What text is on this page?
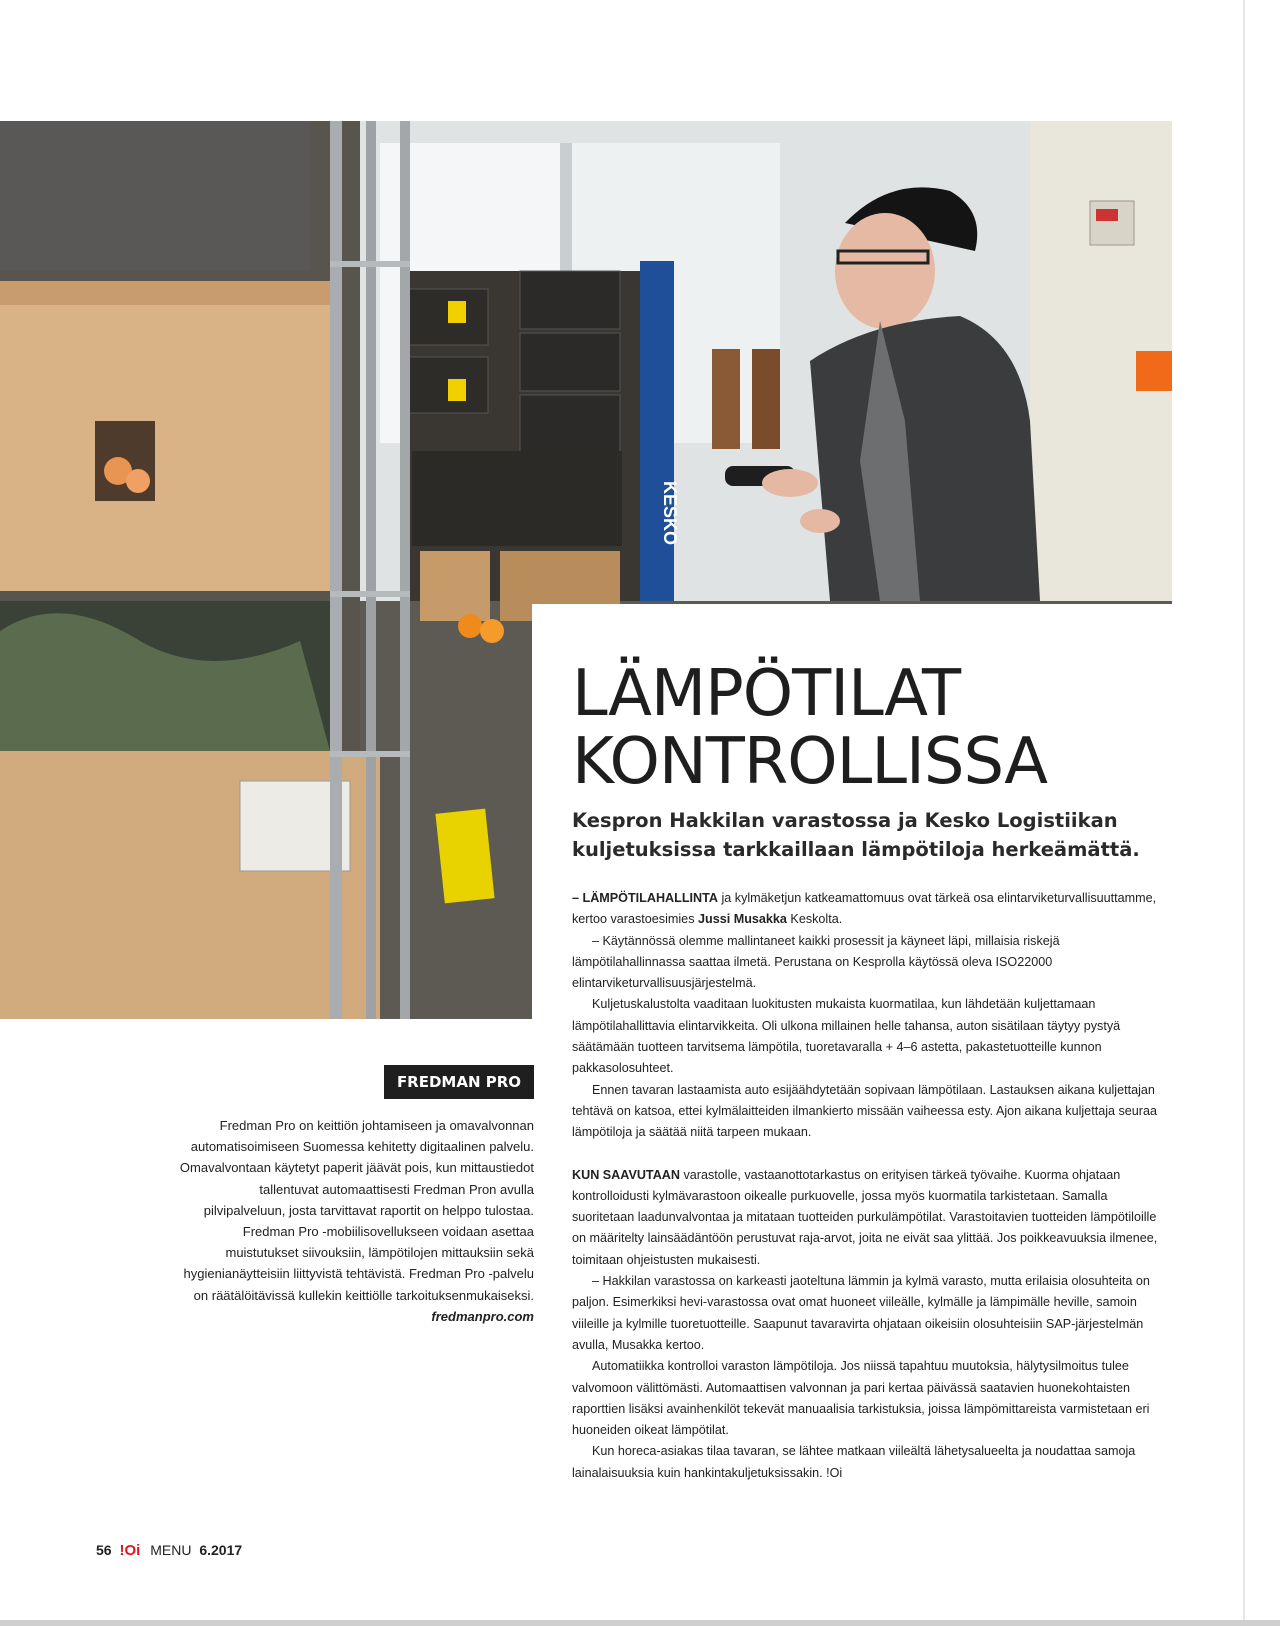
KESKO
Oulun Lapland Hotellin keittiömestari Janne Nevalainen mittaa lämpötilat myös vastaanottotarkastuksen yhteydessä.
LÄMPÖTILAT
KONTROLLISSA
Kespron Hakkilan varastossa ja Kesko Logistiikan kuljetuksissa tarkkaillaan lämpötiloja herkeämättä.

– LÄMPÖTILAHALLINTA ja kylmäketjun katkeamattomuus ovat tärkeä osa elintarviketurvallisuuttamme, kertoo varastoesimies Jussi Musakka Keskolta.

– Käytännössä olemme mallintaneet kaikki prosessit ja käyneet läpi, millaisia riskejä lämpötilahallinnassa saattaa ilmetä. Perustana on Kesprolla käytössä oleva ISO22000 elintarviketurvallisuusjärjestelmä.

Kuljetuskalustolta vaaditaan luokitusten mukaista kuormatilaa, kun lähdetään kuljettamaan lämpötilahallittavia elintarvikkeita. Oli ulkona millainen helle tahansa, auton sisätilaan täytyy pystyä säätämään tuotteen tarvitsema lämpötila, tuoretavaralla + 4–6 astetta, pakastetuotteille kunnon pakkasolosuhteet.

Ennen tavaran lastaamista auto esijäähdytetään sopivaan lämpötilaan. Lastauksen aikana kuljettajan tehtävä on katsoa, ettei kylmälaitteiden ilmankierto missään vaiheessa esty. Ajon aikana kuljettaja seuraa lämpötiloja ja säätää niitä tarpeen mukaan.

KUN SAAVUTAAN varastolle, vastaanottotarkastus on erityisen tärkeä työvaihe. Kuorma ohjataan kontrolloidusti kylmävarastoon oikealle purkuovelle, jossa myös kuormatila tarkistetaan. Samalla suoritetaan laadunvalvontaa ja mitataan tuotteiden purkulämpötilat. Varastoitavien tuotteiden lämpötiloille on määritelty lainsäädäntöön perustuvat raja-arvot, joita ne eivät saa ylittää. Jos poikkeavuuksia ilmenee, toimitaan ohjeistusten mukaisesti.

– Hakkilan varastossa on karkeasti jaoteltuna lämmin ja kylmä varasto, mutta erilaisia olosuhteita on paljon. Esimerkiksi hevi-varastossa ovat omat huoneet viileälle, kylmälle ja lämpimälle heville, samoin viileille ja kylmille tuoretuotteille. Saapunut tavaravirta ohjataan oikeisiin olosuhteisiin SAP-järjestelmän avulla, Musakka kertoo.

Automatiikka kontrolloi varaston lämpötiloja. Jos niissä tapahtuu muutoksia, hälytysilmoitus tulee valvomoon välittömästi. Automaattisen valvonnan ja pari kertaa päivässä saatavien huonekohtaisten raporttien lisäksi avainhenkilöt tekevät manuaalisia tarkistuksia, joissa lämpömittareista varmistetaan eri huoneiden oikeat lämpötilat.

Kun horeca-asiakas tilaa tavaran, se lähtee matkaan viileältä lähetysalueelta ja noudattaa samoja lainalaisuuksia kuin hankintakuljetuksissakin. !Oi

FREDMAN PRO
Fredman Pro on keittiön johtamiseen ja omavalvonnan automatisoimiseen Suomessa kehitetty digitaalinen palvelu. Omavalvontaan käytetyt paperit jäävät pois, kun mittaustiedot tallentuvat automaattisesti Fredman Pron avulla pilvipalveluun, josta tarvittavat raportit on helppo tulostaa. Fredman Pro -mobiilisovellukseen voidaan asettaa muistutukset siivouksiin, lämpötilojen mittauksiin sekä hygienianäytteisiin liittyvistä tehtävistä. Fredman Pro -palvelu on räätälöitävissä kullekin keittiölle tarkoituksenmukaiseksi.
fredmanpro.com
56 !Oi MENU 6.2017
